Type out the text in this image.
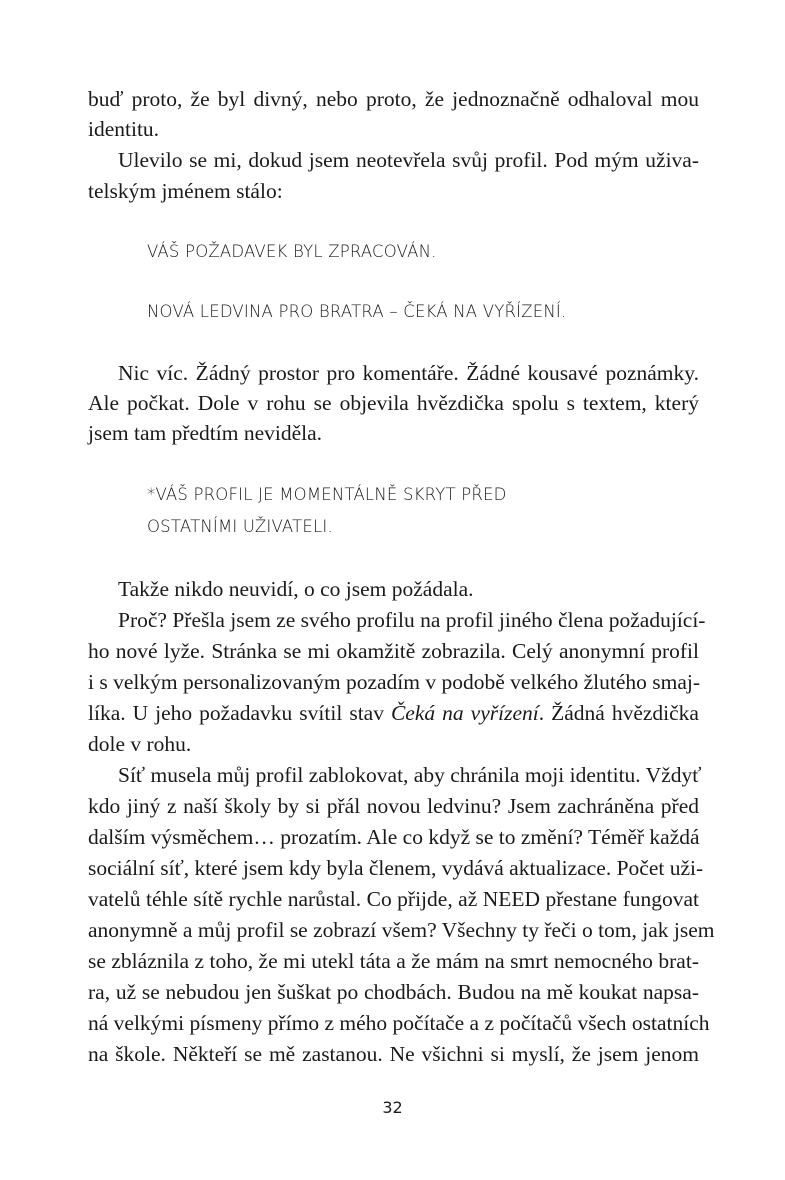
buď proto, že byl divný, nebo proto, že jednoznačně odhaloval mou
identitu.
Ulevilo se mi, dokud jsem neotevřela svůj profil. Pod mým uživa-
telským jménem stálo:
VÁŠ POŽADAVEK BYL ZPRACOVÁN.
NOVÁ LEDVINA PRO BRATRA – ČEKÁ NA VYŘÍZENÍ.
Nic víc. Žádný prostor pro komentáře. Žádné kousavé poznámky.
Ale počkat. Dole v rohu se objevila hvězdička spolu s textem, který
jsem tam předtím neviděla.
*VÁŠ PROFIL JE MOMENTÁLNĚ SKRYT PŘED
OSTATNÍMI UŽIVATELI.
Takže nikdo neuvidí, o co jsem požádala.
Proč? Přešla jsem ze svého profilu na profil jiného člena požadující-
ho nové lyže. Stránka se mi okamžitě zobrazila. Celý anonymní profil
i s velkým personalizovaným pozadím v podobě velkého žlutého smaj-
líka. U jeho požadavku svítil stav Čeká na vyřízení. Žádná hvězdička
dole v rohu.
Síť musela můj profil zablokovat, aby chránila moji identitu. Vždyť
kdo jiný z naší školy by si přál novou ledvinu? Jsem zachráněna před
dalším výsměchem… prozatím. Ale co když se to změní? Téměř každá
sociální síť, které jsem kdy byla členem, vydává aktualizace. Počet uži-
vatelů téhle sítě rychle narůstal. Co přijde, až NEED přestane fungovat
anonymně a můj profil se zobrazí všem? Všechny ty řeči o tom, jak jsem
se zbláznila z toho, že mi utekl táta a že mám na smrt nemocného brat-
ra, už se nebudou jen šuškat po chodbách. Budou na mě koukat napsa-
ná velkými písmeny přímo z mého počítače a z počítačů všech ostatních
na škole. Někteří se mě zastanou. Ne všichni si myslí, že jsem jenom
32
